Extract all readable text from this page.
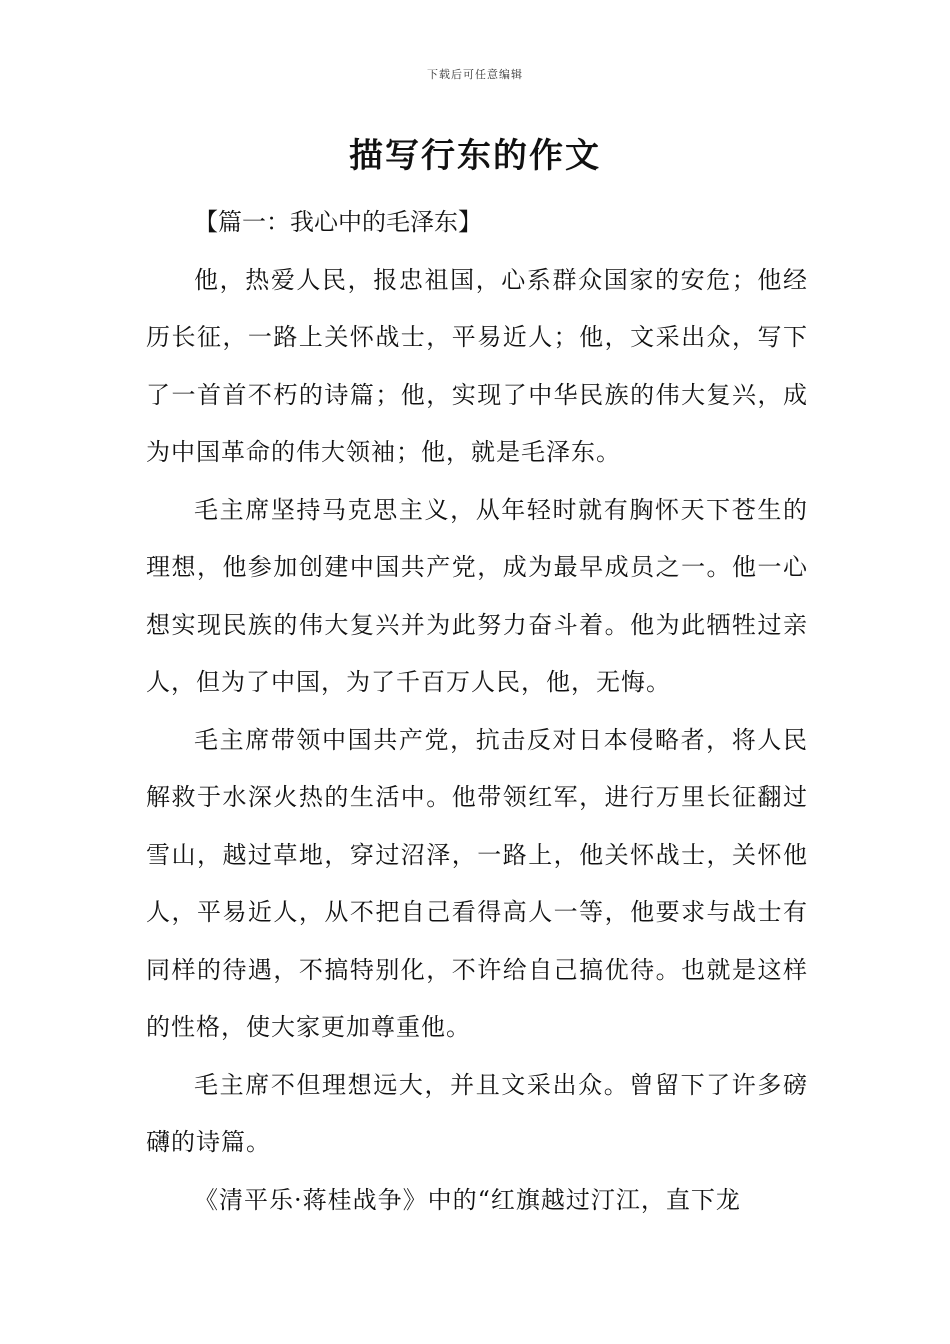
下载后可任意编辑
描写行东的作文

【篇一：我心中的毛泽东】

他，热爱人民，报忠祖国，心系群众国家的安危；他经历长征，一路上关怀战士，平易近人；他，文采出众，写下了一首首不朽的诗篇；他，实现了中华民族的伟大复兴，成为中国革命的伟大领袖；他，就是毛泽东。

毛主席坚持马克思主义，从年轻时就有胸怀天下苍生的理想，他参加创建中国共产党，成为最早成员之一。他一心想实现民族的伟大复兴并为此努力奋斗着。他为此牺牲过亲人，但为了中国，为了千百万人民，他，无悔。

毛主席带领中国共产党，抗击反对日本侵略者，将人民解救于水深火热的生活中。他带领红军，进行万里长征翻过雪山，越过草地，穿过沼泽，一路上，他关怀战士，关怀他人，平易近人，从不把自己看得高人一等，他要求与战士有同样的待遇，不搞特别化，不许给自己搞优待。也就是这样的性格，使大家更加尊重他。

毛主席不但理想远大，并且文采出众。曾留下了许多磅礴的诗篇。

《清平乐·蒋桂战争》中的“红旗越过汀江，直下龙
